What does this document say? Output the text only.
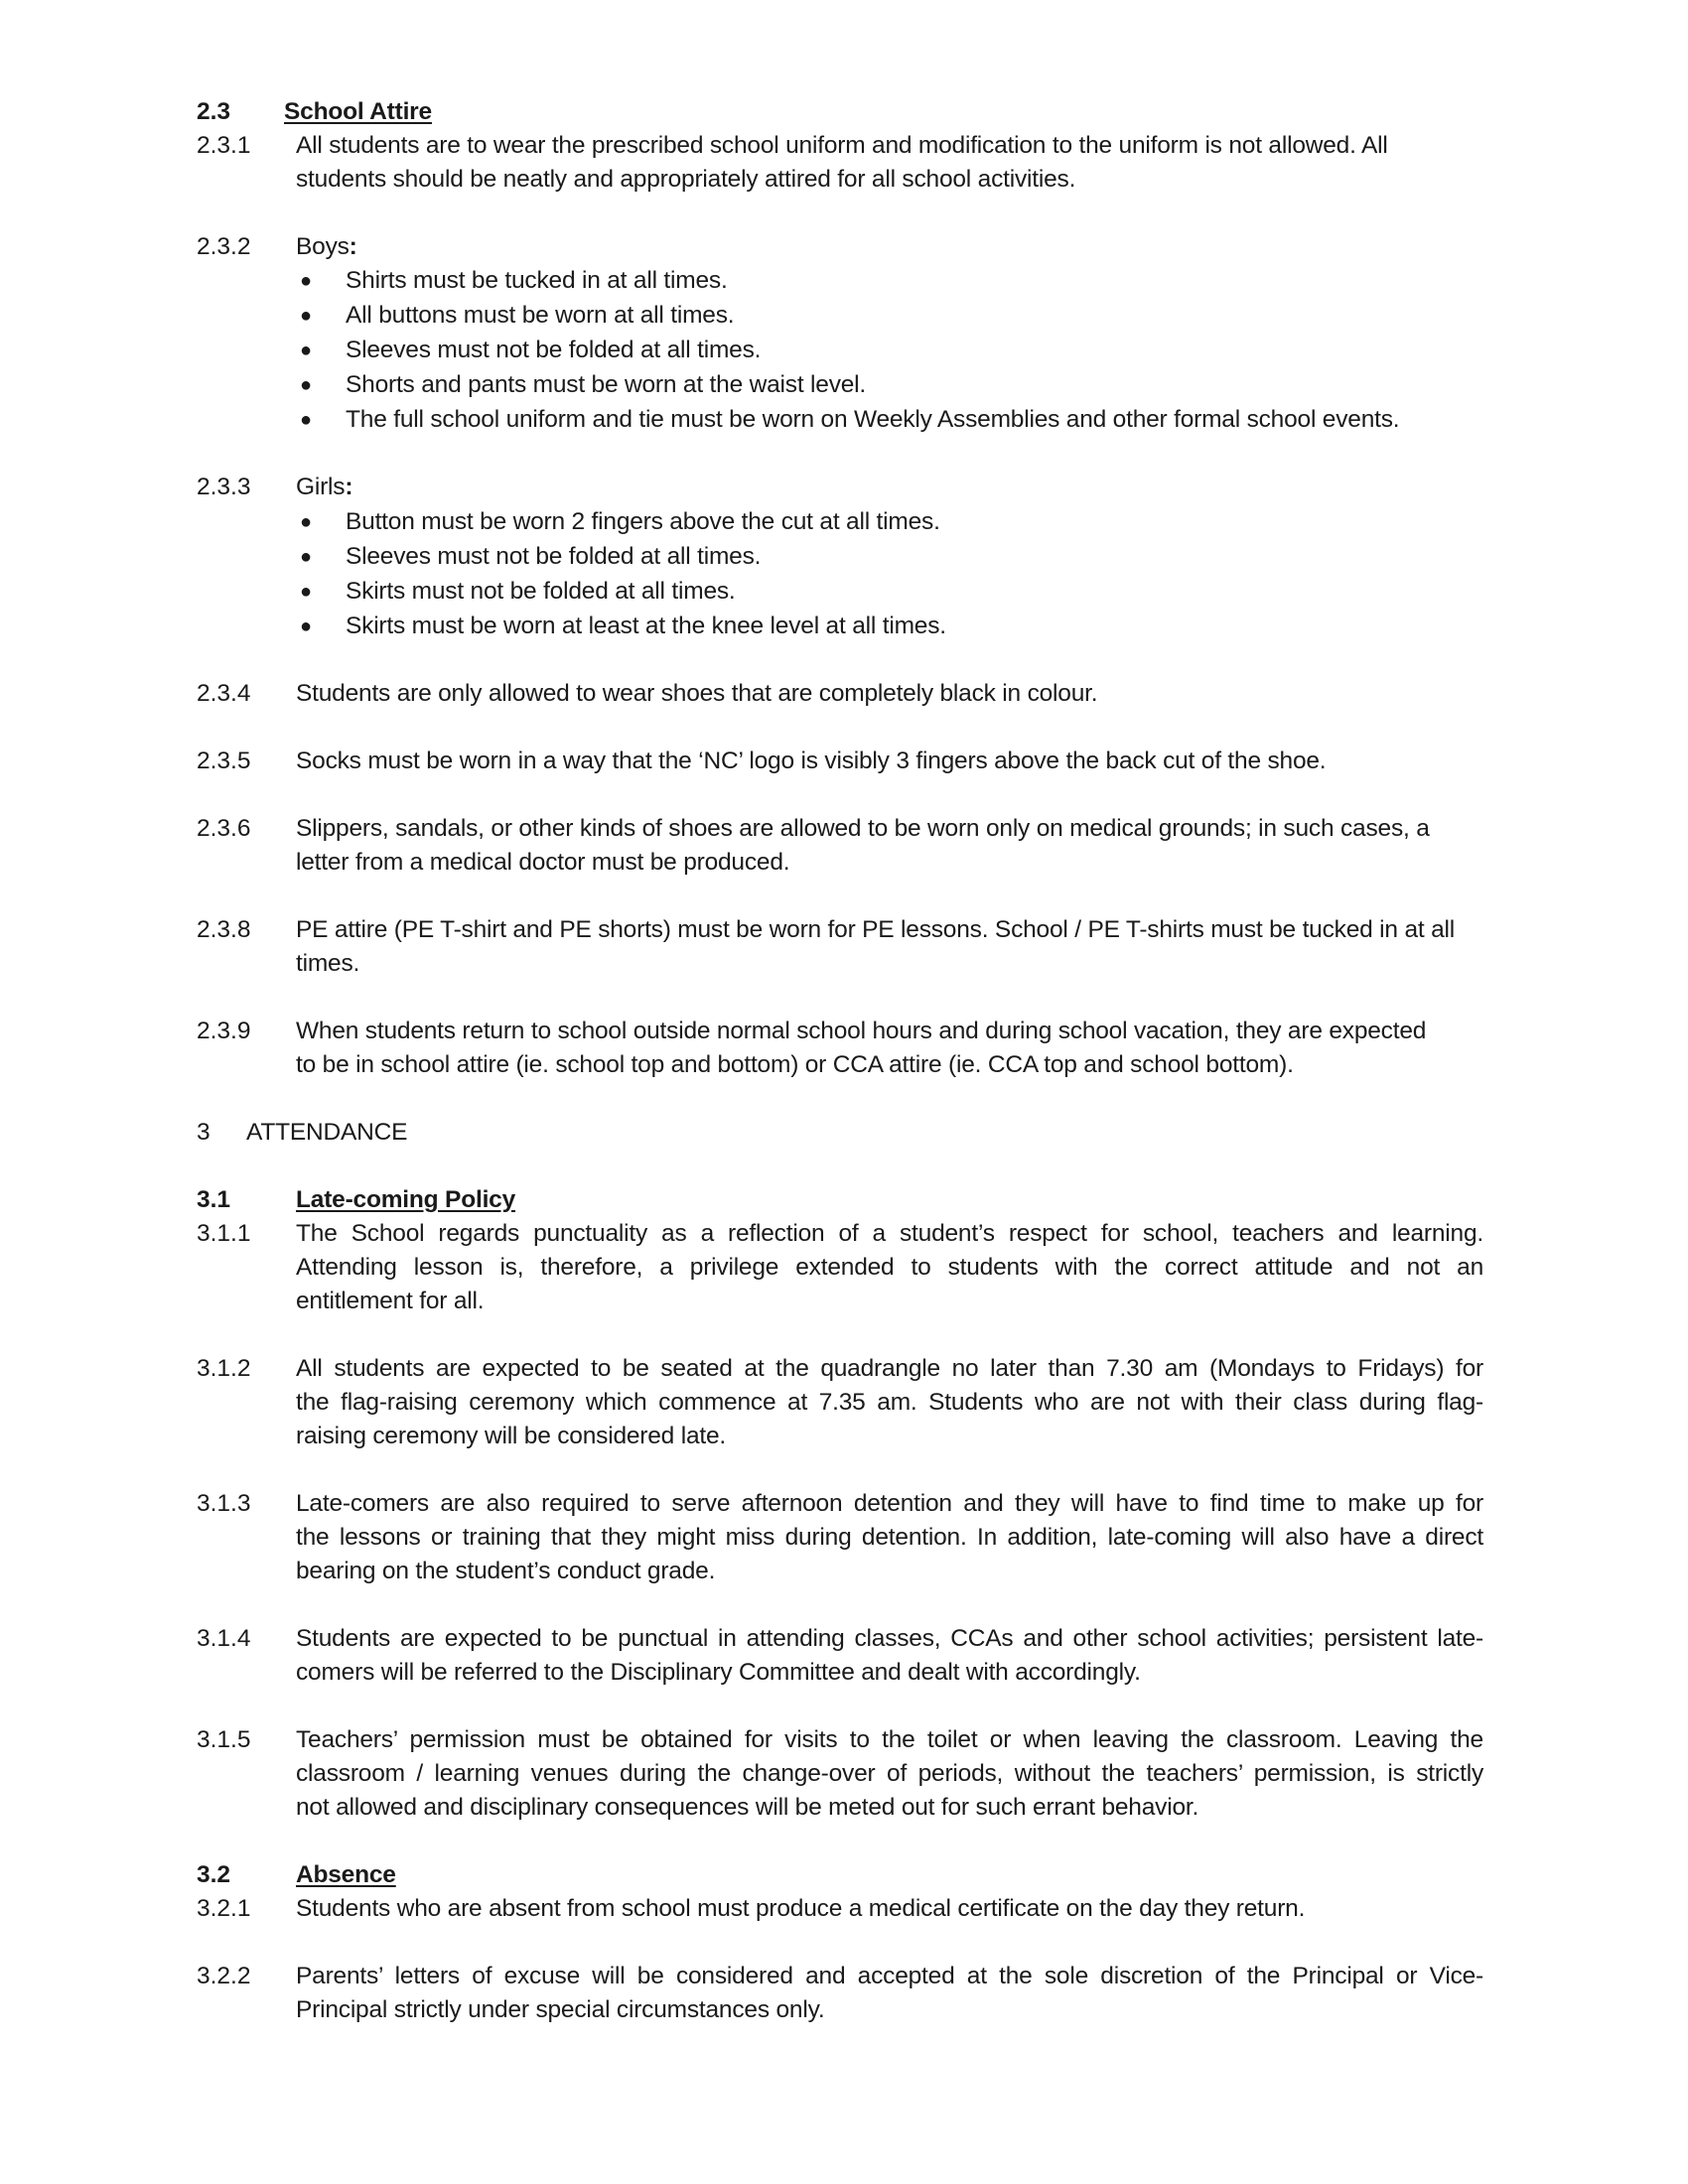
2.3 School Attire
2.3.1 All students are to wear the prescribed school uniform and modification to the uniform is not allowed. All
students should be neatly and appropriately attired for all school activities.
2.3.2 Boys:
● Shirts must be tucked in at all times.
● All buttons must be worn at all times.
● Sleeves must not be folded at all times.
● Shorts and pants must be worn at the waist level.
● The full school uniform and tie must be worn on Weekly Assemblies and other formal school events.
2.3.3 Girls:
● Button must be worn 2 fingers above the cut at all times.
● Sleeves must not be folded at all times.
● Skirts must not be folded at all times.
● Skirts must be worn at least at the knee level at all times.
2.3.4 Students are only allowed to wear shoes that are completely black in colour.
2.3.5 Socks must be worn in a way that the ‘NC’ logo is visibly 3 fingers above the back cut of the shoe.
2.3.6 Slippers, sandals, or other kinds of shoes are allowed to be worn only on medical grounds; in such cases, a
letter from a medical doctor must be produced.
2.3.8 PE attire (PE T-shirt and PE shorts) must be worn for PE lessons. School / PE T-shirts must be tucked in at all
times.
2.3.9 When students return to school outside normal school hours and during school vacation, they are expected
to be in school attire (ie. school top and bottom) or CCA attire (ie. CCA top and school bottom).
3 ATTENDANCE
3.1	Late-coming Policy
3.1.1 The School regards punctuality as a reflection of a student’s respect for school, teachers and learning.
Attending lesson is, therefore, a privilege extended to students with the correct attitude and not an
entitlement for all.
3.1.2 All students are expected to be seated at the quadrangle no later than 7.30 am (Mondays to Fridays) for
the flag-raising ceremony which commence at 7.35 am. Students who are not with their class during flag-
raising ceremony will be considered late.
3.1.3 Late-comers are also required to serve afternoon detention and they will have to find time to make up for
the lessons or training that they might miss during detention. In addition, late-coming will also have a direct
bearing on the student’s conduct grade.
3.1.4 Students are expected to be punctual in attending classes, CCAs and other school activities; persistent late-
comers will be referred to the Disciplinary Committee and dealt with accordingly.
3.1.5 Teachers’ permission must be obtained for visits to the toilet or when leaving the classroom. Leaving the
classroom / learning venues during the change-over of periods, without the teachers’ permission, is strictly
not allowed and disciplinary consequences will be meted out for such errant behavior.
3.2	Absence
3.2.1 Students who are absent from school must produce a medical certificate on the day they return.
3.2.2 Parents’ letters of excuse will be considered and accepted at the sole discretion of the Principal or Vice-
Principal strictly under special circumstances only.
